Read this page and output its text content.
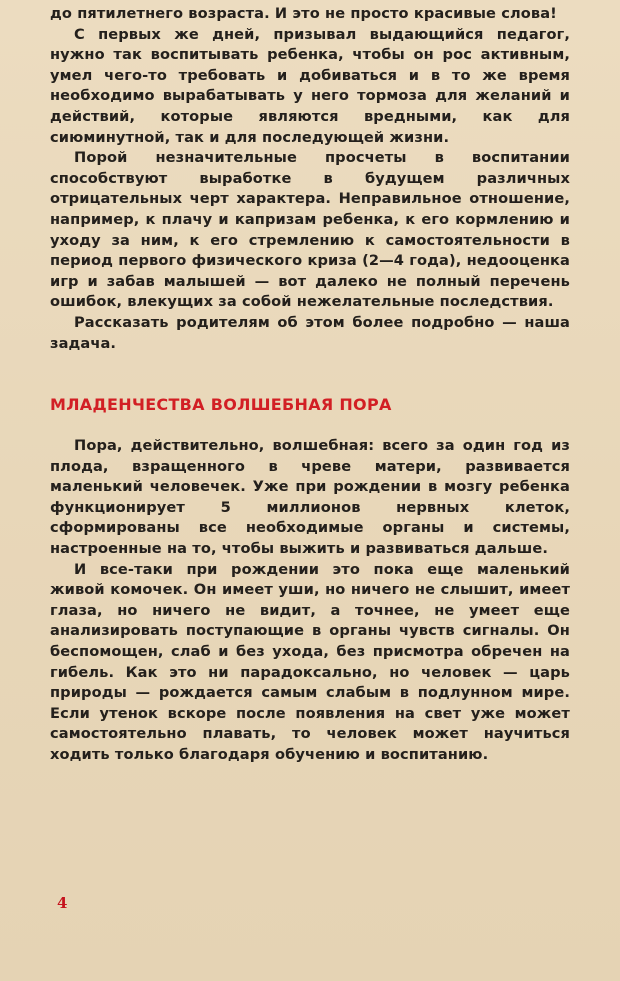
до пятилетнего возраста. И это не просто красивые слова!

С первых же дней, призывал выдающийся педагог, нужно так воспитывать ребенка, чтобы он рос активным, умел чего-то требовать и добиваться и в то же время необходимо вырабатывать у него тормоза для желаний и действий, которые являются вредными, как для сиюминутной, так и для последующей жизни.

Порой незначительные просчеты в воспитании способствуют выработке в будущем различных отрицательных черт характера. Неправильное отношение, например, к плачу и капризам ребенка, к его кормлению и уходу за ним, к его стремлению к самостоятельности в период первого физического криза (2—4 года), недооценка игр и забав малышей — вот далеко не полный перечень ошибок, влекущих за собой нежелательные последствия.

Рассказать родителям об этом более подробно — наша задача.

МЛАДЕНЧЕСТВА ВОЛШЕБНАЯ ПОРА

Пора, действительно, волшебная: всего за один год из плода, взращенного в чреве матери, развивается маленький человечек. Уже при рождении в мозгу ребенка функционирует 5 миллионов нервных клеток, сформированы все необходимые органы и системы, настроенные на то, чтобы выжить и развиваться дальше.

И все-таки при рождении это пока еще маленький живой комочек. Он имеет уши, но ничего не слышит, имеет глаза, но ничего не видит, а точнее, не умеет еще анализировать поступающие в органы чувств сигналы. Он беспомощен, слаб и без ухода, без присмотра обречен на гибель. Как это ни парадоксально, но человек — царь природы — рождается самым слабым в подлунном мире. Если утенок вскоре после появления на свет уже может самостоятельно плавать, то человек может научиться ходить только благодаря обучению и воспитанию.

4
